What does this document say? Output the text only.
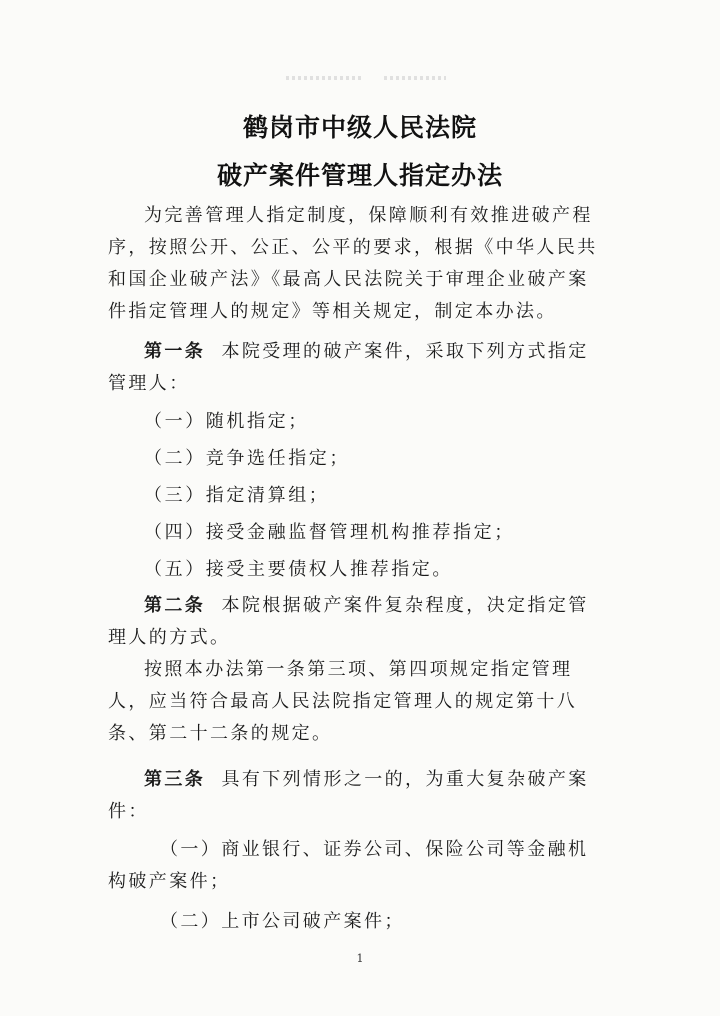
鹤岗市中级人民法院
破产案件管理人指定办法

为完善管理人指定制度，保障顺利有效推进破产程序，按照公开、公正、公平的要求，根据《中华人民共和国企业破产法》《最高人民法院关于审理企业破产案件指定管理人的规定》等相关规定，制定本办法。

第一条 本院受理的破产案件，采取下列方式指定管理人：

（一）随机指定；
（二）竞争选任指定；
（三）指定清算组；
（四）接受金融监督管理机构推荐指定；
（五）接受主要债权人推荐指定。

第二条 本院根据破产案件复杂程度，决定指定管理人的方式。

按照本办法第一条第三项、第四项规定指定管理人，应当符合最高人民法院指定管理人的规定第十八条、第二十二条的规定。

第三条 具有下列情形之一的，为重大复杂破产案件：

（一）商业银行、证券公司、保险公司等金融机构破产案件；

（二）上市公司破产案件；

1
